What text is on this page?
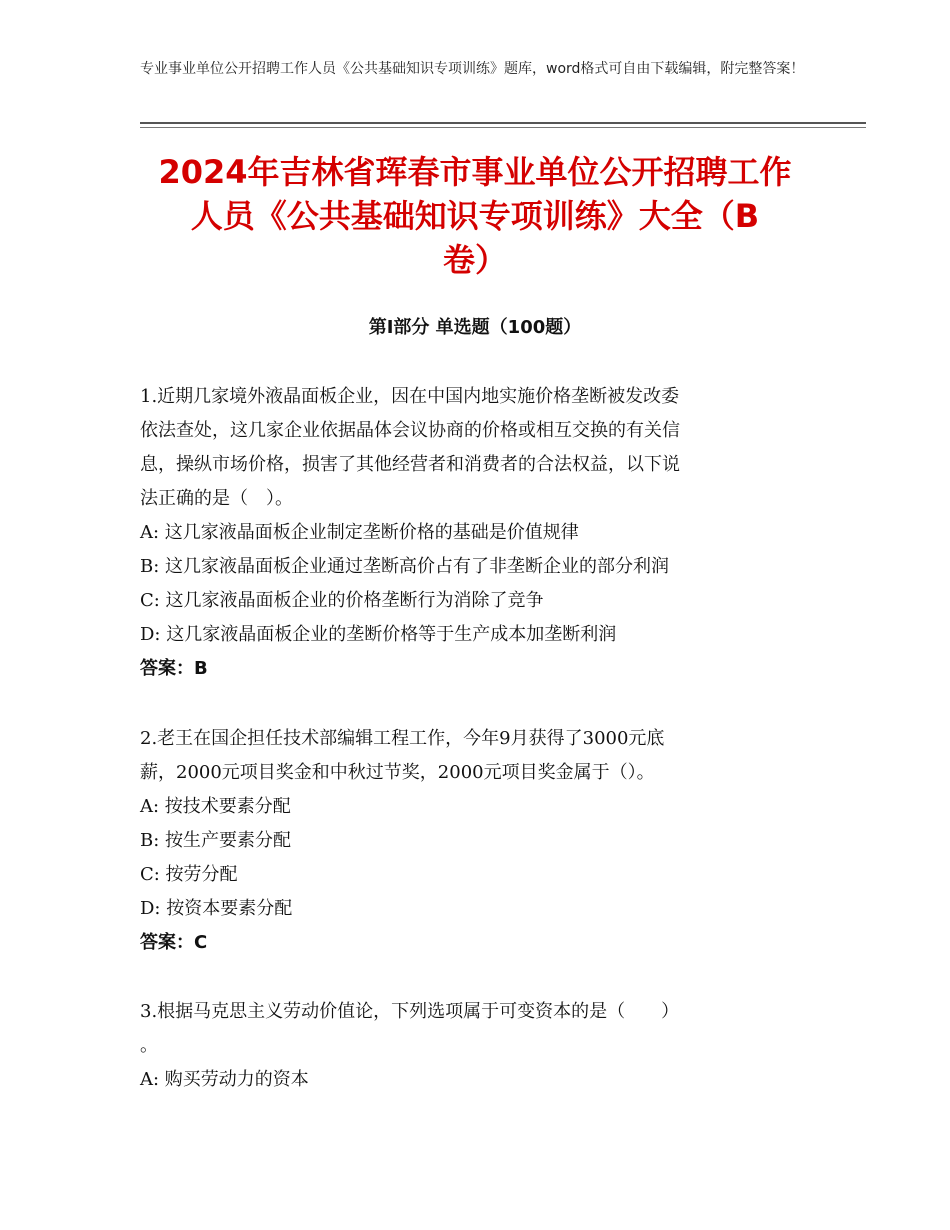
专业事业单位公开招聘工作人员《公共基础知识专项训练》题库，word格式可自由下载编辑，附完整答案！
2024年吉林省珲春市事业单位公开招聘工作
人员《公共基础知识专项训练》大全（B
卷）
第Ⅰ部分 单选题（100题）

1.近期几家境外液晶面板企业，因在中国内地实施价格垄断被发改委

依法查处，这几家企业依据晶体会议协商的价格或相互交换的有关信

息，操纵市场价格，损害了其他经营者和消费者的合法权益，以下说

法正确的是（　）。

A: 这几家液晶面板企业制定垄断价格的基础是价值规律

B: 这几家液晶面板企业通过垄断高价占有了非垄断企业的部分利润

C: 这几家液晶面板企业的价格垄断行为消除了竞争

D: 这几家液晶面板企业的垄断价格等于生产成本加垄断利润

答案：B

2.老王在国企担任技术部编辑工程工作，今年9月获得了3000元底

薪，2000元项目奖金和中秋过节奖，2000元项目奖金属于（）。

A: 按技术要素分配

B: 按生产要素分配

C: 按劳分配

D: 按资本要素分配

答案：C

3.根据马克思主义劳动价值论，下列选项属于可变资本的是（　　）

。

A: 购买劳动力的资本
